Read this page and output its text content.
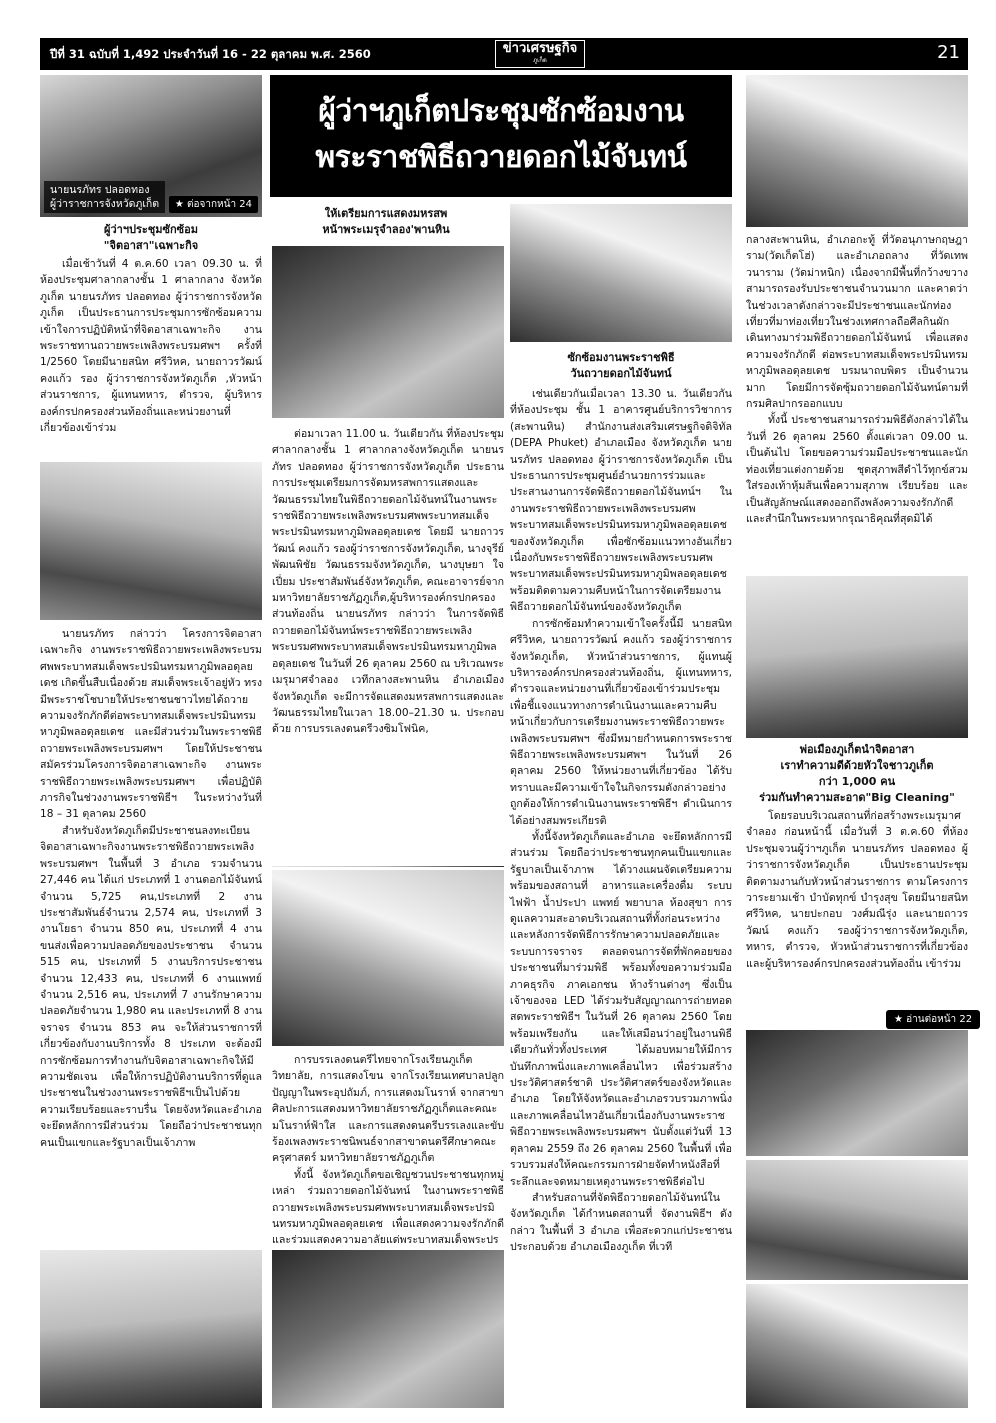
ปีที่ 31 ฉบับที่ 1,492 ประจำวันที่ 16 - 22 ตุลาคม พ.ศ. 2560	ข่าวเศรษฐกิจ
ภูเก็ต	21
นายนรภัทร ปลอดทอง
ผู้ว่าราชการจังหวัดภูเก็ต	★ ต่อจากหน้า 24
ผู้ว่าฯภูเก็ตประชุมซักซ้อมงาน
พระราชพิธีถวายดอกไม้จันทน์
ผู้ว่าฯประชุมซักซ้อม
"จิตอาสา"เฉพาะกิจ

เมื่อเช้าวันที่ 4 ต.ค.60 เวลา 09.30 น. ที่ห้องประชุมศาลากลางชั้น 1 ศาลากลาง จังหวัดภูเก็ต นายนรภัทร ปลอดทอง ผู้ว่าราชการจังหวัดภูเก็ต เป็นประธานการประชุมการซักซ้อมความเข้าใจการปฏิบัติหน้าที่จิตอาสาเฉพาะกิจ งานพระราชทานถวายพระเพลิงพระบรมศพฯ ครั้งที่ 1/2560 โดยมีนายสนิท ศรีวิหค, นายถาวรวัฒน์ คงแก้ว รอง ผู้ว่าราชการจังหวัดภูเก็ต ,หัวหน้าส่วนราชการ, ผู้แทนทหาร, ตำรวจ, ผู้บริหารองค์กรปกครองส่วนท้องถิ่นและหน่วยงานที่เกี่ยวข้องเข้าร่วม

นายนรภัทร กล่าวว่า โครงการจิตอาสาเฉพาะกิจ งานพระราชพิธีถวายพระเพลิงพระบรมศพพระบาทสมเด็จพระปรมินทรมหาภูมิพลอดุลยเดช เกิดขึ้นสืบเนื่องด้วย สมเด็จพระเจ้าอยู่หัว ทรงมีพระราชโชบายให้ประชาชนชาวไทยได้ถวายความจงรักภักดีต่อพระบาทสมเด็จพระปรมินทรมหาภูมิพลอดุลยเดช และมีส่วนร่วมในพระราชพิธีถวายพระเพลิงพระบรมศพฯ โดยให้ประชาชนสมัครร่วมโครงการจิตอาสาเฉพาะกิจ งานพระราชพิธีถวายพระเพลิงพระบรมศพฯ เพื่อปฏิบัติภารกิจในช่วงงานพระราชพิธีฯ ในระหว่างวันที่ 18 – 31 ตุลาคม 2560

สำหรับจังหวัดภูเก็ตมีประชาชนลงทะเบียนจิตอาสาเฉพาะกิจงานพระราชพิธีถวายพระเพลิงพระบรมศพฯ ในพื้นที่ 3 อำเภอ รวมจำนวน 27,446 คน ได้แก่ ประเภทที่ 1 งานดอกไม้จันทน์ จำนวน 5,725 คน,ประเภทที่ 2 งานประชาสัมพันธ์จำนวน 2,574 คน, ประเภทที่ 3 งานโยธา จำนวน 850 คน, ประเภทที่ 4 งานขนส่งเพื่อความปลอดภัยของประชาชน จำนวน 515 คน, ประเภทที่ 5 งานบริการประชาชน จำนวน 12,433 คน, ประเภทที่ 6 งานแพทย์ จำนวน 2,516 คน, ประเภทที่ 7 งานรักษาความปลอดภัยจำนวน 1,980 คน และประเภทที่ 8 งานจราจร จำนวน 853 คน จะให้ส่วนราชการที่เกี่ยวข้องกับงานบริการทั้ง 8 ประเภท จะต้องมีการซักซ้อมการทำงานกับจิตอาสาเฉพาะกิจให้มีความชัดเจน เพื่อให้การปฏิบัติงานบริการที่ดูแลประชาชนในช่วงงานพระราชพิธีฯเป็นไปด้วยความเรียบร้อยและราบรื่น โดยจังหวัดและอำเภอ จะยึดหลักการมีส่วนร่วม โดยถือว่าประชาชนทุกคนเป็นแขกและรัฐบาลเป็นเจ้าภาพ

ให้เตรียมการแสดงมหรสพ
หน้าพระเมรุจำลอง'พานหิน

ต่อมาเวลา 11.00 น. วันเดียวกัน ที่ห้องประชุมศาลากลางชั้น 1 ศาลากลางจังหวัดภูเก็ต นายนรภัทร ปลอดทอง ผู้ว่าราชการจังหวัดภูเก็ต ประธานการประชุมเตรียมการจัดมหรสพการแสดงและวัฒนธรรมไทยในพิธีถวายดอกไม้จันทน์ในงานพระราชพิธีถวายพระเพลิงพระบรมศพพระบาทสมเด็จพระปรมินทรมหาภูมิพลอดุลยเดช โดยมี นายถาวรวัฒน์ คงแก้ว รองผู้ว่าราชการจังหวัดภูเก็ต, นางจุรีย์ พัฒนพิชัย วัฒนธรรมจังหวัดภูเก็ต, นางบุษยา ใจเปี่ยม ประชาสัมพันธ์จังหวัดภูเก็ต, คณะอาจารย์จากมหาวิทยาลัยราชภัฏภูเก็ต,ผู้บริหารองค์กรปกครองส่วนท้องถิ่น นายนรภัทร กล่าวว่า ในการจัดพิธีถวายดอกไม้จันทน์พระราชพิธีถวายพระเพลิงพระบรมศพพระบาทสมเด็จพระปรมินทรมหาภูมิพลอดุลยเดช ในวันที่ 26 ตุลาคม 2560 ณ บริเวณพระเมรุมาศจำลอง เวทีกลางสะพานหิน อำเภอเมืองจังหวัดภูเก็ต จะมีการจัดแสดงมหรสพการแสดงและวัฒนธรรมไทยในเวลา 18.00–21.30 น. ประกอบด้วย การบรรเลงดนตรีวงซิมโฟนิค,

การบรรเลงดนตรีไทยจากโรงเรียนภูเก็ตวิทยาลัย, การแสดงโขน จากโรงเรียนเทศบาลปลูกปัญญาในพระอุปถัมภ์, การแสดงมโนราห์ จากสาขาศิลปะการแสดงมหาวิทยาลัยราชภัฏภูเก็ตและคณะมโนราห์ฟ้าใส และการแสดงดนตรีบรรเลงและขับร้องเพลงพระราชนิพนธ์จากสาขาดนตรีศึกษาคณะครุศาสตร์ มหาวิทยาลัยราชภัฏภูเก็ต

ทั้งนี้ จังหวัดภูเก็ตขอเชิญชวนประชาชนทุกหมู่เหล่า ร่วมถวายดอกไม้จันทน์ ในงานพระราชพิธีถวายพระเพลิงพระบรมศพพระบาทสมเด็จพระปรมินทรมหาภูมิพลอดุลยเดช เพื่อแสดงความจงรักภักดี และร่วมแสดงความอาลัยแด่พระบาทสมเด็จพระปร

ซักซ้อมงานพระราชพิธี
วันถวายดอกไม้จันทน์

เช่นเดียวกันเมื่อเวลา 13.30 น. วันเดียวกันที่ห้องประชุม ชั้น 1 อาคารศูนย์บริการวิชาการ (สะพานหิน) สำนักงานส่งเสริมเศรษฐกิจดิจิทัล (DEPA Phuket) อำเภอเมือง จังหวัดภูเก็ต นายนรภัทร ปลอดทอง ผู้ว่าราชการจังหวัดภูเก็ต เป็นประธานการประชุมศูนย์อำนวยการร่วมและประสานงานการจัดพิธีถวายดอกไม้จันทน์ฯ ในงานพระราชพิธีถวายพระเพลิงพระบรมศพพระบาทสมเด็จพระปรมินทรมหาภูมิพลอดุลยเดชของจังหวัดภูเก็ต เพื่อซักซ้อมแนวทางอันเกี่ยวเนื่องกับพระราชพิธีถวายพระเพลิงพระบรมศพพระบาทสมเด็จพระปรมินทรมหาภูมิพลอดุลยเดช พร้อมติดตามความคืบหน้าในการจัดเตรียมงานพิธีถวายดอกไม้จันทน์ของจังหวัดภูเก็ต

การซักซ้อมทำความเข้าใจครั้งนี้มี นายสนิท ศรีวิหค, นายถาวรวัฒน์ คงแก้ว รองผู้ว่าราชการจังหวัดภูเก็ต, หัวหน้าส่วนราชการ, ผู้แทนผู้บริหารองค์กรปกครองส่วนท้องถิ่น, ผู้แทนทหาร, ตำรวจและหน่วยงานที่เกี่ยวข้องเข้าร่วมประชุมเพื่อชี้แจงแนวทางการดำเนินงานและความคืบหน้าเกี่ยวกับการเตรียมงานพระราชพิธีถวายพระเพลิงพระบรมศพฯ ซึ่งมีหมายกำหนดการพระราชพิธีถวายพระเพลิงพระบรมศพฯ ในวันที่ 26 ตุลาคม 2560 ให้หน่วยงานที่เกี่ยวข้อง ได้รับทราบและมีความเข้าใจในกิจกรรมดังกล่าวอย่างถูกต้องให้การดำเนินงานพระราชพิธีฯ ดำเนินการได้อย่างสมพระเกียรติ

ทั้งนี้จังหวัดภูเก็ตและอำเภอ จะยึดหลักการมีส่วนร่วม โดยถือว่าประชาชนทุกคนเป็นแขกและรัฐบาลเป็นเจ้าภาพ ได้วางแผนจัดเตรียมความพร้อมของสถานที่ อาหารและเครื่องดื่ม ระบบไฟฟ้า น้ำประปา แพทย์ พยาบาล ห้องสุขา การดูแลความสะอาดบริเวณสถานที่ทั้งก่อนระหว่างและหลังการจัดพิธีการรักษาความปลอดภัยและระบบการจราจร ตลอดจนการจัดที่พักคอยของประชาชนที่มาร่วมพิธี พร้อมทั้งขอความร่วมมือภาคธุรกิจ ภาคเอกชน ห้างร้านต่างๆ ซึ่งเป็นเจ้าของจอ LED ได้ร่วมรับสัญญาณการถ่ายทอดสดพระราชพิธีฯ ในวันที่ 26 ตุลาคม 2560 โดยพร้อมเพรียงกัน และให้เสมือนว่าอยู่ในงานพิธีเดียวกันทั่วทั้งประเทศ ได้มอบหมายให้มีการบันทึกภาพนิ่งและภาพเคลื่อนไหว เพื่อร่วมสร้างประวัติศาสตร์ชาติ ประวัติศาสตร์ของจังหวัดและอำเภอ โดยให้จังหวัดและอำเภอรวบรวมภาพนิ่งและภาพเคลื่อนไหวอันเกี่ยวเนื่องกับงานพระราชพิธีถวายพระเพลิงพระบรมศพฯ นับตั้งแต่วันที่ 13 ตุลาคม 2559 ถึง 26 ตุลาคม 2560 ในพื้นที่ เพื่อรวบรวมส่งให้คณะกรรมการฝ่ายจัดทำหนังสือที่ระลึกและจดหมายเหตุงานพระราชพิธีต่อไป

สำหรับสถานที่จัดพิธีถวายดอกไม้จันทน์ในจังหวัดภูเก็ต ได้กำหนดสถานที่ จัดงานพิธีฯ ดังกล่าว ในพื้นที่ 3 อำเภอ เพื่อสะดวกแก่ประชาชน ประกอบด้วย อำเภอเมืองภูเก็ต ที่เวที

กลางสะพานหิน, อำเภอกะทู้ ที่วัดอนุภาษกฤษฎาราม(วัดเก็ตโฮ่) และอำเภอถลาง ที่วัดเทพวนาราม (วัดม่าหนิก) เนื่องจากมีพื้นที่กว้างขวางสามารถรองรับประชาชนจำนวนมาก และคาดว่าในช่วงเวลาดังกล่าวจะมีประชาชนและนักท่องเที่ยวที่มาท่องเที่ยวในช่วงเทศกาลถือศีลกินผัก เดินทางมาร่วมพิธีถวายดอกไม้จันทน์ เพื่อแสดงความจงรักภักดี ต่อพระบาทสมเด็จพระปรมินทรมหาภูมิพลอดุลยเดช บรมนาถบพิตร เป็นจำนวนมาก โดยมีการจัดซุ้มถวายดอกไม้จันทน์ตามที่กรมศิลปากรออกแบบ

ทั้งนี้ ประชาชนสามารถร่วมพิธีดังกล่าวได้ในวันที่ 26 ตุลาคม 2560 ตั้งแต่เวลา 09.00 น. เป็นต้นไป โดยขอความร่วมมือประชาชนและนักท่องเที่ยวแต่งกายด้วย ชุดสุภาพสีดำไว้ทุกข์สวมใส่รองเท้าหุ้มส้นเพื่อความสุภาพ เรียบร้อย และเป็นสัญลักษณ์แสดงออกถึงพลังความจงรักภักดีและสำนึกในพระมหากรุณาธิคุณที่สุดมิได้

พ่อเมืองภูเก็ตนำจิตอาสา
เราทำความดีด้วยหัวใจชาวภูเก็ต
กว่า 1,000 คน
ร่วมกันทำความสะอาด"Big Cleaning"

โดยรอบบริเวณสถานที่ก่อสร้างพระเมรุมาศจำลอง ก่อนหน้านี้ เมื่อวันที่ 3 ต.ค.60 ที่ห้องประชุมจวนผู้ว่าฯภูเก็ต นายนรภัทร ปลอดทอง ผู้ว่าราชการจังหวัดภูเก็ต เป็นประธานประชุมติดตามงานกับหัวหน้าส่วนราชการ ตามโครงการวาระยามเช้า บำบัดทุกข์ บำรุงสุข โดยมีนายสนิท ศรีวิหค, นายปะกอบ วงศ์มณีรุ่ง และนายถาวรวัฒน์ คงแก้ว รองผู้ว่าราชการจังหวัดภูเก็ต, ทหาร, ตำรวจ, หัวหน้าส่วนราชการที่เกี่ยวข้อง และผู้บริหารองค์กรปกครองส่วนท้องถิ่น เข้าร่วม

★ อ่านต่อหน้า 22
